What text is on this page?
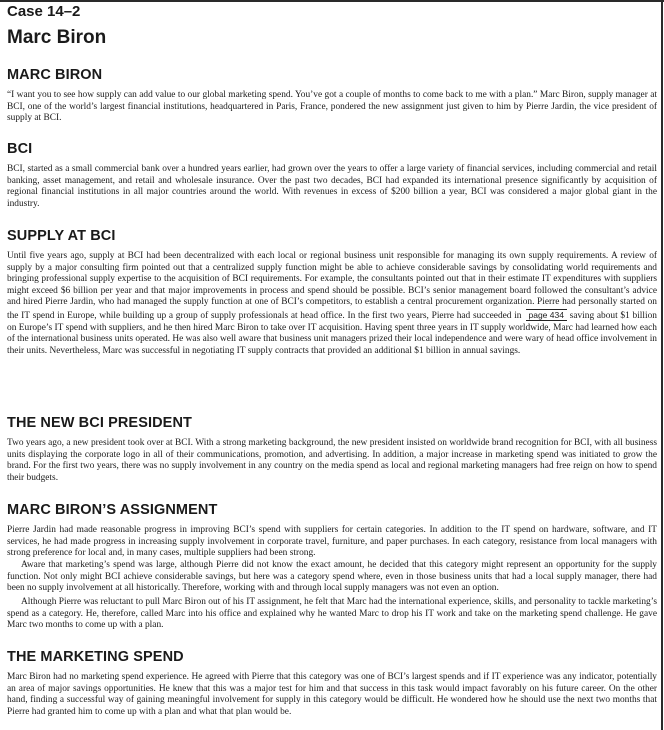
Case 14–2
Marc Biron
MARC BIRON

“I want you to see how supply can add value to our global marketing spend. You’ve got a couple of months to come back to me with a plan.” Marc Biron, supply manager at BCI, one of the world’s largest financial institutions, headquartered in Paris, France, pondered the new assignment just given to him by Pierre Jardin, the vice president of supply at BCI.

BCI

BCI, started as a small commercial bank over a hundred years earlier, had grown over the years to offer a large variety of financial services, including commercial and retail banking, asset management, and retail and wholesale insurance. Over the past two decades, BCI had expanded its international presence significantly by acquisition of regional financial institutions in all major countries around the world. With revenues in excess of $200 billion a year, BCI was considered a major global giant in the industry.

SUPPLY AT BCI

Until five years ago, supply at BCI had been decentralized with each local or regional business unit responsible for managing its own supply requirements. A review of supply by a major consulting firm pointed out that a centralized supply function might be able to achieve considerable savings by consolidating world requirements and bringing professional supply expertise to the acquisition of BCI requirements. For example, the consultants pointed out that in their estimate IT expenditures with suppliers might exceed $6 billion per year and that major improvements in process and spend should be possible. BCI’s senior management board followed the consultant’s advice and hired Pierre Jardin, who had managed the supply function at one of BCI’s competitors, to establish a central procurement organization. Pierre had personally started on the IT spend in Europe, while building up a group of supply professionals at head office. In the first two years, Pierre had succeeded in page 434 saving about $1 billion on Europe’s IT spend with suppliers, and he then hired Marc Biron to take over IT acquisition. Having spent three years in IT supply worldwide, Marc had learned how each of the international business units operated. He was also well aware that business unit managers prized their local independence and were wary of head office involvement in their units. Nevertheless, Marc was successful in negotiating IT supply contracts that provided an additional $1 billion in annual savings.

THE NEW BCI PRESIDENT

Two years ago, a new president took over at BCI. With a strong marketing background, the new president insisted on worldwide brand recognition for BCI, with all business units displaying the corporate logo in all of their communications, promotion, and advertising. In addition, a major increase in marketing spend was initiated to grow the brand. For the first two years, there was no supply involvement in any country on the media spend as local and regional marketing managers had free reign on how to spend their budgets.

MARC BIRON’S ASSIGNMENT

Pierre Jardin had made reasonable progress in improving BCI’s spend with suppliers for certain categories. In addition to the IT spend on hardware, software, and IT services, he had made progress in increasing supply involvement in corporate travel, furniture, and paper purchases. In each category, resistance from local managers with strong preference for local and, in many cases, multiple suppliers had been strong.

Aware that marketing’s spend was large, although Pierre did not know the exact amount, he decided that this category might represent an opportunity for the supply function. Not only might BCI achieve considerable savings, but here was a category spend where, even in those business units that had a local supply manager, there had been no supply involvement at all historically. Therefore, working with and through local supply managers was not even an option.

Although Pierre was reluctant to pull Marc Biron out of his IT assignment, he felt that Marc had the international experience, skills, and personality to tackle marketing’s spend as a category. He, therefore, called Marc into his office and explained why he wanted Marc to drop his IT work and take on the marketing spend challenge. He gave Marc two months to come up with a plan.

THE MARKETING SPEND

Marc Biron had no marketing spend experience. He agreed with Pierre that this category was one of BCI’s largest spends and if IT experience was any indicator, potentially an area of major savings opportunities. He knew that this was a major test for him and that success in this task would impact favorably on his future career. On the other hand, finding a successful way of gaining meaningful involvement for supply in this category would be difficult. He wondered how he should use the next two months that Pierre had granted him to come up with a plan and what that plan would be.
